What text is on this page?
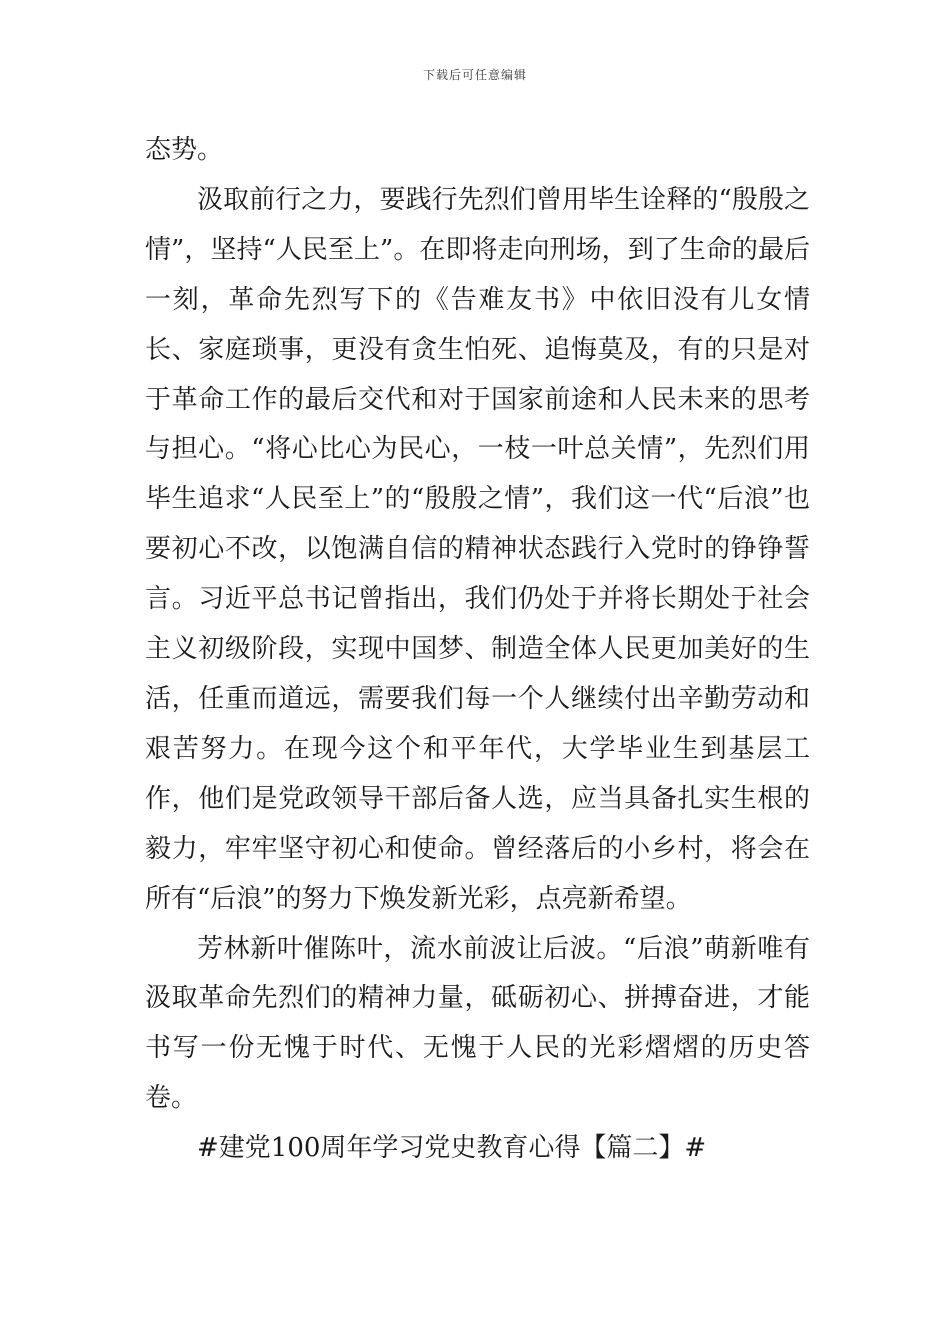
下载后可任意编辑

态势。

汲取前行之力，要践行先烈们曾用毕生诠释的“殷殷之情”，坚持“人民至上”。在即将走向刑场，到了生命的最后一刻，革命先烈写下的《告难友书》中依旧没有儿女情长、家庭琐事，更没有贪生怕死、追悔莫及，有的只是对于革命工作的最后交代和对于国家前途和人民未来的思考与担心。“将心比心为民心，一枝一叶总关情”，先烈们用毕生追求“人民至上”的“殷殷之情”，我们这一代“后浪”也要初心不改，以饱满自信的精神状态践行入党时的铮铮誓言。习近平总书记曾指出，我们仍处于并将长期处于社会主义初级阶段，实现中国梦、制造全体人民更加美好的生活，任重而道远，需要我们每一个人继续付出辛勤劳动和艰苦努力。在现今这个和平年代，大学毕业生到基层工作，他们是党政领导干部后备人选，应当具备扎实生根的毅力，牢牢坚守初心和使命。曾经落后的小乡村，将会在所有“后浪”的努力下焕发新光彩，点亮新希望。

芳林新叶催陈叶，流水前波让后波。“后浪”萌新唯有汲取革命先烈们的精神力量，砥砺初心、拼搏奋进，才能书写一份无愧于时代、无愧于人民的光彩熠熠的历史答卷。

#建党100周年学习党史教育心得【篇二】#
